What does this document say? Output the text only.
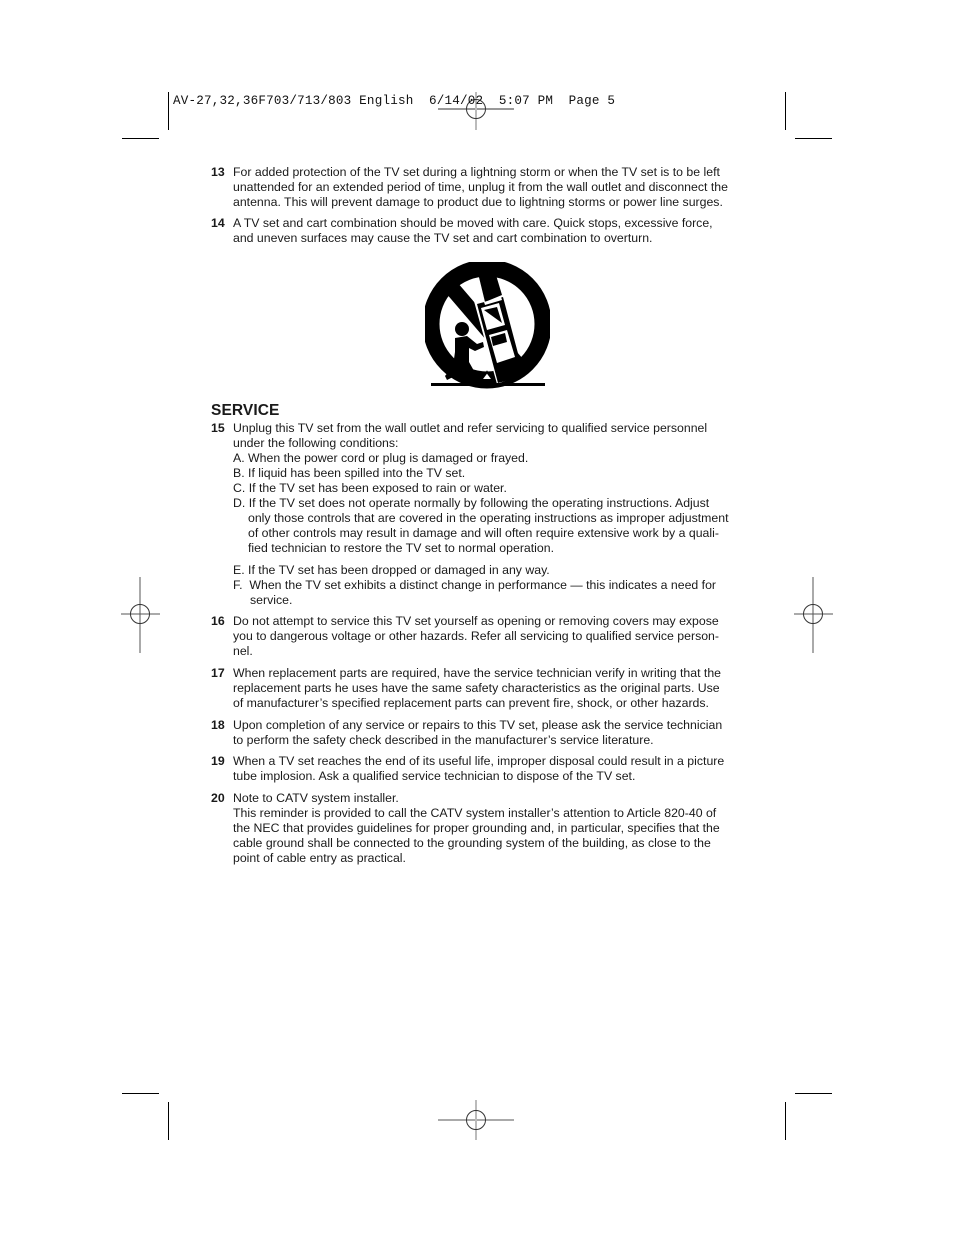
AV-27,32,36F703/713/803 English  6/14/02  5:07 PM  Page 5
13 For added protection of the TV set during a lightning storm or when the TV set is to be left
unattended for an extended period of time, unplug it from the wall outlet and disconnect the
antenna. This will prevent damage to product due to lightning storms or power line surges.
14 A TV set and cart combination should be moved with care. Quick stops, excessive force,
and uneven surfaces may cause the TV set and cart combination to overturn.
SERVICE
15 Unplug this TV set from the wall outlet and refer servicing to qualified service personnel
under the following conditions:
A. When the power cord or plug is damaged or frayed.
B. If liquid has been spilled into the TV set.
C. If the TV set has been exposed to rain or water.
D. If the TV set does not operate normally by following the operating instructions. Adjust
only those controls that are covered in the operating instructions as improper adjustment
of other controls may result in damage and will often require extensive work by a quali-
fied technician to restore the TV set to normal operation.
E. If the TV set has been dropped or damaged in any way.
F.  When the TV set exhibits a distinct change in performance — this indicates a need for
service.
16 Do not attempt to service this TV set yourself as opening or removing covers may expose
you to dangerous voltage or other hazards. Refer all servicing to qualified service person-
nel.
17 When replacement parts are required, have the service technician verify in writing that the
replacement parts he uses have the same safety characteristics as the original parts. Use
of manufacturer’s specified replacement parts can prevent fire, shock, or other hazards.
18 Upon completion of any service or repairs to this TV set, please ask the service technician
to perform the safety check described in the manufacturer’s service literature.
19 When a TV set reaches the end of its useful life, improper disposal could result in a picture
tube implosion. Ask a qualified service technician to dispose of the TV set.
20 Note to CATV system installer.
This reminder is provided to call the CATV system installer’s attention to Article 820-40 of
the NEC that provides guidelines for proper grounding and, in particular, specifies that the
cable ground shall be connected to the grounding system of the building, as close to the
point of cable entry as practical.
